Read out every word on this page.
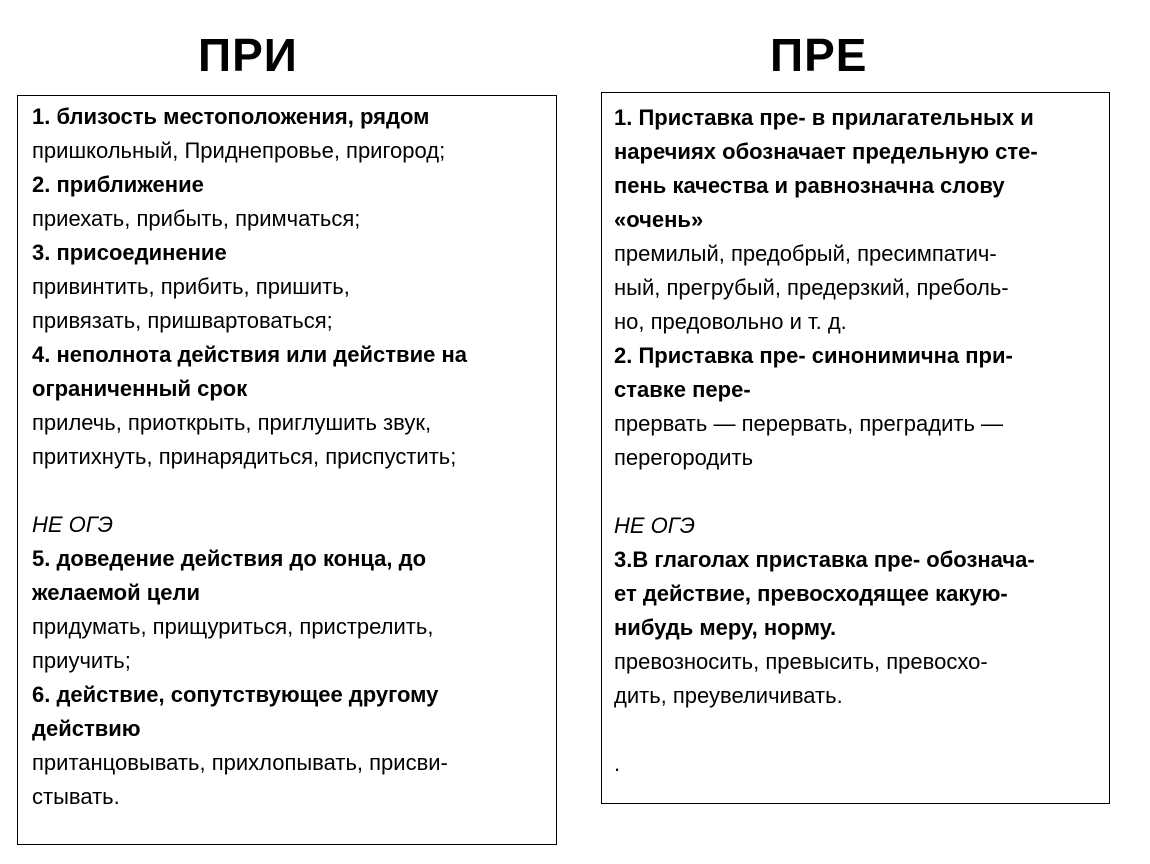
ПРИ	ПРЕ
1. близость местоположения, рядом
пришкольный, Приднепровье, пригород;
2. приближение
приехать, прибыть, примчаться;
3. присоединение
привинтить, прибить, пришить,
привязать, пришвартоваться;
4. неполнота действия или действие на
ограниченный срок
прилечь, приоткрыть, приглушить звук,
притихнуть, принарядиться, приспустить;
НЕ ОГЭ
5. доведение действия до конца, до
желаемой цели
придумать, прищуриться, пристрелить,
приучить;
6. действие, сопутствующее другому
действию
пританцовывать, прихлопывать, присви-
стывать.
1. Приставка пре- в прилагательных и
наречиях обозначает предельную сте-
пень качества и равнозначна слову
«очень»
премилый, предобрый, пресимпатич-
ный, прегрубый, предерзкий, преболь-
но, предовольно и т. д.
2. Приставка пре- синонимична при-
ставке пере-
прервать — перервать, преградить —
перегородить
НЕ ОГЭ
3.В глаголах приставка пре- обознача-
ет действие, превосходящее какую-
нибудь меру, норму.
превозносить, превысить, превосхо-
дить, преувеличивать.
.
